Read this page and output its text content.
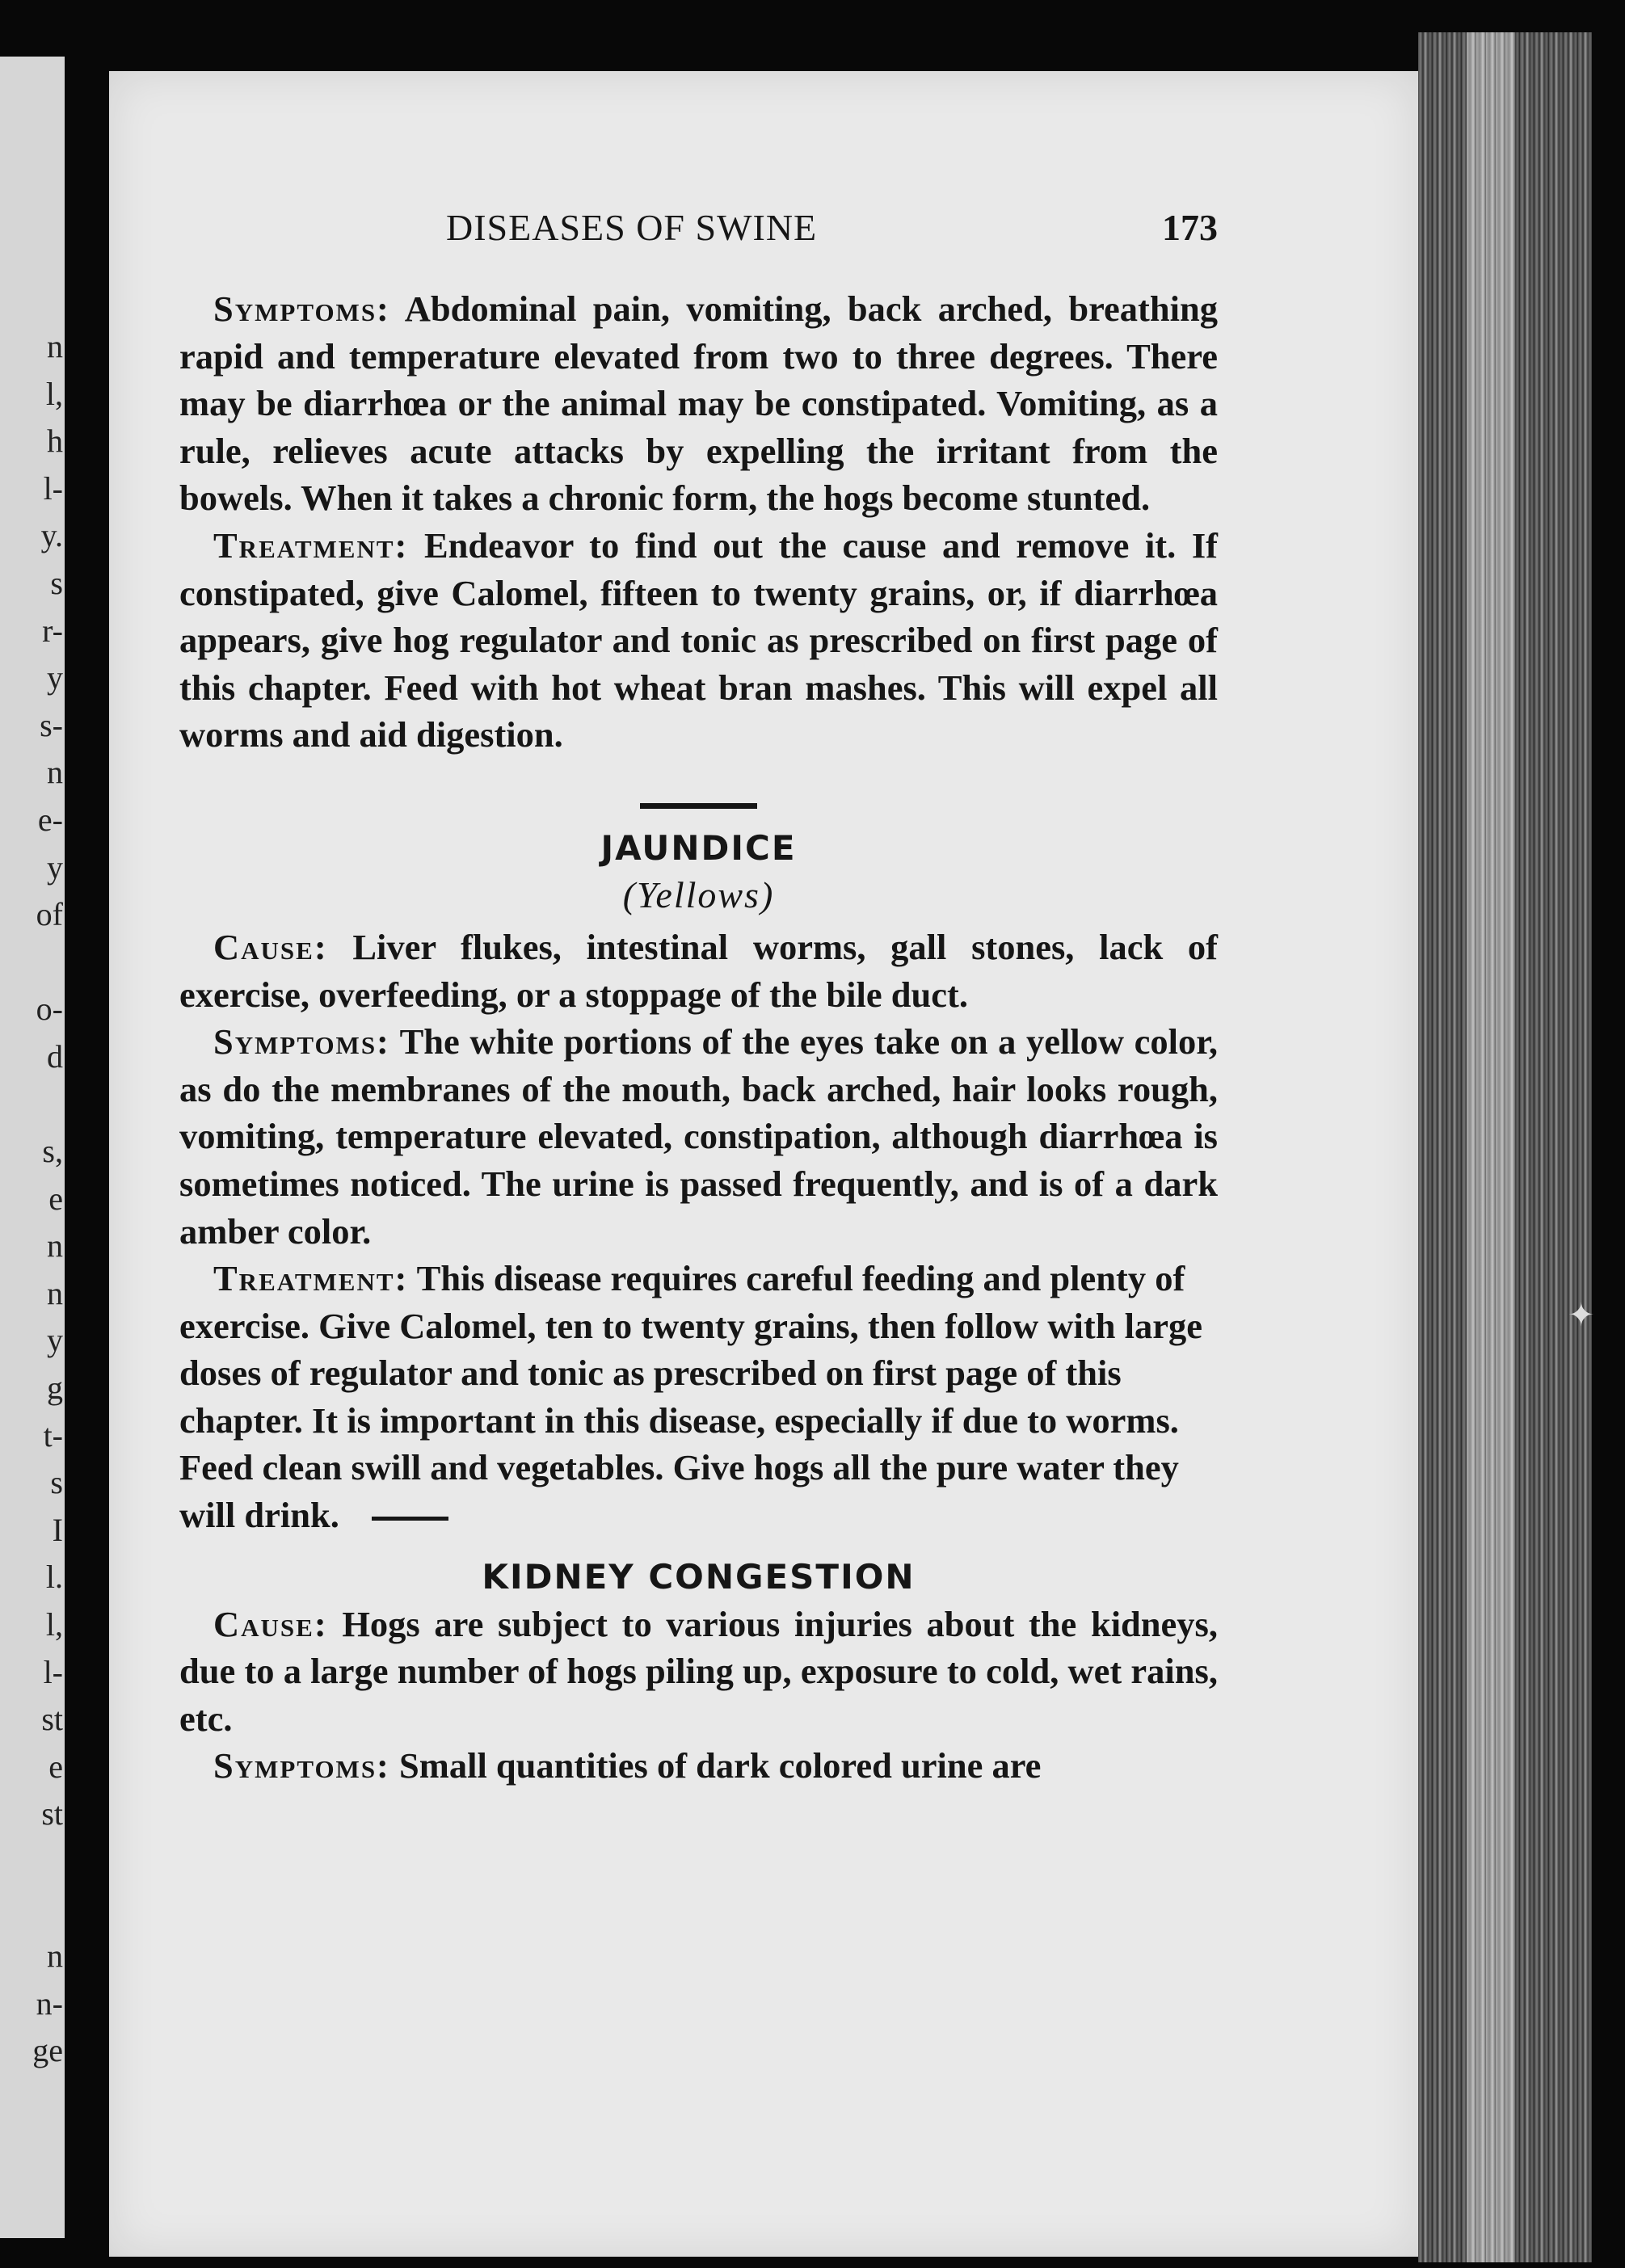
n
l,
h
l-
y.
s
r-
y
s-
n
e-
y
of
o-
d
s,
e
n
n
y
g
t-
s
I
l.
l,
l-
st
e
st
n
n-
ge
✦
DISEASES OF SWINE	173

Symptoms: Abdominal pain, vomiting, back arched, breathing rapid and temperature elevated from two to three degrees. There may be diarrhœa or the animal may be constipated. Vomiting, as a rule, relieves acute attacks by expelling the irritant from the bowels. When it takes a chronic form, the hogs become stunted.

Treatment: Endeavor to find out the cause and remove it. If constipated, give Calomel, fifteen to twenty grains, or, if diarrhœa appears, give hog regulator and tonic as prescribed on first page of this chapter. Feed with hot wheat bran mashes. This will expel all worms and aid digestion.

JAUNDICE
(Yellows)

Cause: Liver flukes, intestinal worms, gall stones, lack of exercise, overfeeding, or a stoppage of the bile duct.

Symptoms: The white portions of the eyes take on a yellow color, as do the membranes of the mouth, back arched, hair looks rough, vomiting, temperature elevated, constipation, although diarrhœa is sometimes noticed. The urine is passed frequently, and is of a dark amber color.

Treatment: This disease requires careful feeding and plenty of exercise. Give Calomel, ten to twenty grains, then follow with large doses of regulator and tonic as prescribed on first page of this chapter. It is important in this disease, especially if due to worms. Feed clean swill and vegetables. Give hogs all the pure water they will drink.

KIDNEY CONGESTION

Cause: Hogs are subject to various injuries about the kidneys, due to a large number of hogs piling up, exposure to cold, wet rains, etc.

Symptoms: Small quantities of dark colored urine are
